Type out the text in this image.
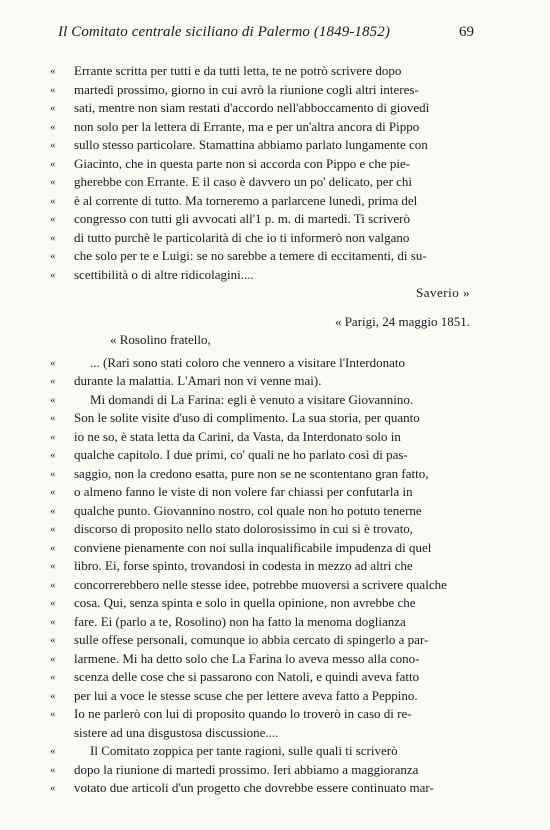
Il Comitato centrale siciliano di Palermo (1849-1852)	69
«	Errante scritta per tutti e da tutti letta, te ne potrò scrivere dopo
«	martedì prossimo, giorno in cui avrò la riunione cogli altri interes-
«	sati, mentre non siam restati d'accordo nell'abboccamento di giovedì
«	non solo per la lettera di Errante, ma e per un'altra ancora di Pippo
«	sullo stesso particolare. Stamattina abbiamo parlato lungamente con
«	Giacinto, che in questa parte non si accorda con Pippo e che pie-
«	gherebbe con Errante. E il caso è davvero un po' delicato, per chi
«	è al corrente di tutto. Ma torneremo a parlarcene lunedì, prima del
«	congresso con tutti gli avvocati all'1 p. m. di martedì. Ti scriverò
«	di tutto purchè le particolarità di che io ti informerò non valgano
«	che solo per te e Luigi: se no sarebbe a temere di eccitamenti, di su-
«	scettibilità o di altre ridicolagini....
Saverio »
« Parigi, 24 maggio 1851.
« Rosolino fratello,
«	... (Rari sono stati coloro che vennero a visitare l'Interdonato
«	durante la malattia. L'Amari non vi venne mai).
«	Mi domandi di La Farina: egli è venuto a visitare Giovannino.
«	Son le solite visite d'uso di complimento. La sua storia, per quanto
«	io ne so, è stata letta da Carini, da Vasta, da Interdonato solo in
«	qualche capitolo. I due primi, co' quali ne ho parlato così di pas-
«	saggio, non la credono esatta, pure non se ne scontentano gran fatto,
«	o almeno fanno le viste di non volere far chiassi per confutarla in
«	qualche punto. Giovannino nostro, col quale non ho potuto tenerne
«	discorso di proposito nello stato dolorosissimo in cui si è trovato,
«	conviene pienamente con noi sulla inqualificabile impudenza di quel
«	libro. Ei, forse spinto, trovandosi in codesta in mezzo ad altri che
«	concorrerebbero nelle stesse idee, potrebbe muoversi a scrivere qualche
«	cosa. Qui, senza spinta e solo in quella opinione, non avrebbe che
«	fare. Ei (parlo a te, Rosolino) non ha fatto la menoma doglianza
«	sulle offese personali, comunque io abbia cercato di spingerlo a par-
«	larmene. Mi ha detto solo che La Farina lo aveva messo alla cono-
«	scenza delle cose che si passarono con Natoli, e quindi aveva fatto
«	per lui a voce le stesse scuse che per lettere aveva fatto a Peppino.
«	Io ne parlerò con lui di proposito quando lo troverò in caso di re-
sistere ad una disgustosa discussione....
«	Il Comitato zoppica per tante ragioni, sulle quali ti scriverò
«	dopo la riunione di martedì prossimo. Ieri abbiamo a maggioranza
«	votato due articoli d'un progetto che dovrebbe essere continuato mar-
